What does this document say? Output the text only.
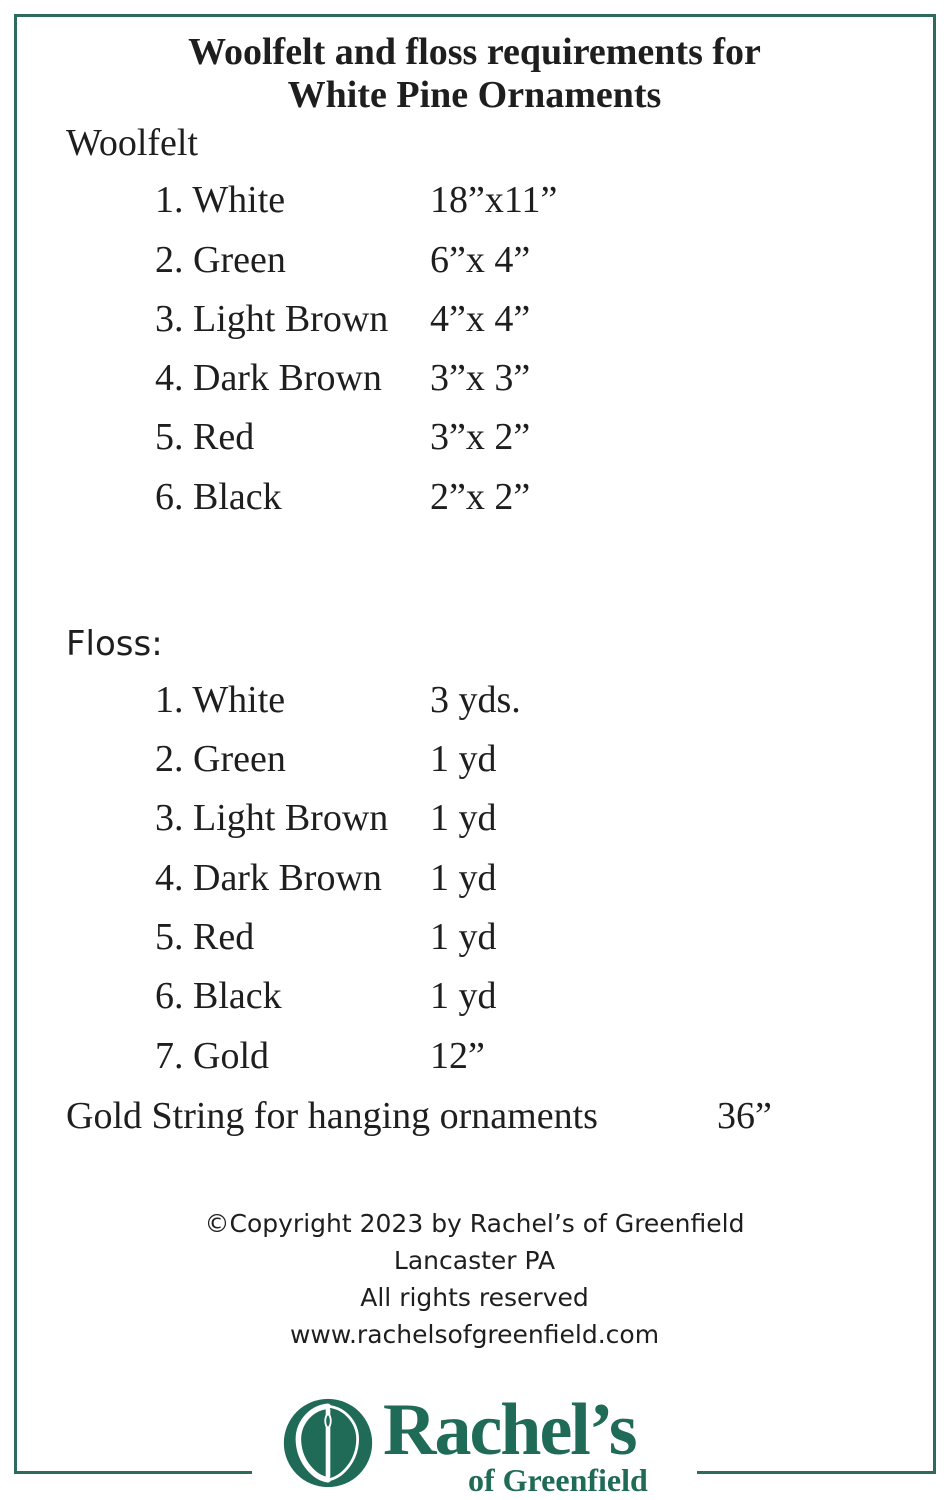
Woolfelt and floss requirements for
White Pine Ornaments
Woolfelt
1. White	18”x11”
2. Green	6”x 4”
3. Light Brown 4”x 4”
4. Dark Brown 3”x 3”
5. Red	3”x 2”
6. Black	2”x 2”
Floss:
1. White	3 yds.
2. Green	1 yd
3. Light Brown 1 yd
4. Dark Brown 1 yd
5. Red	1 yd
6. Black	1 yd
7. Gold	12”
Gold String for hanging ornaments	36”
©Copyright 2023 by Rachel’s of Greenfield
Lancaster PA
All rights reserved
www.rachelsofgreenfield.com
Rachel’s
of Greenfield
